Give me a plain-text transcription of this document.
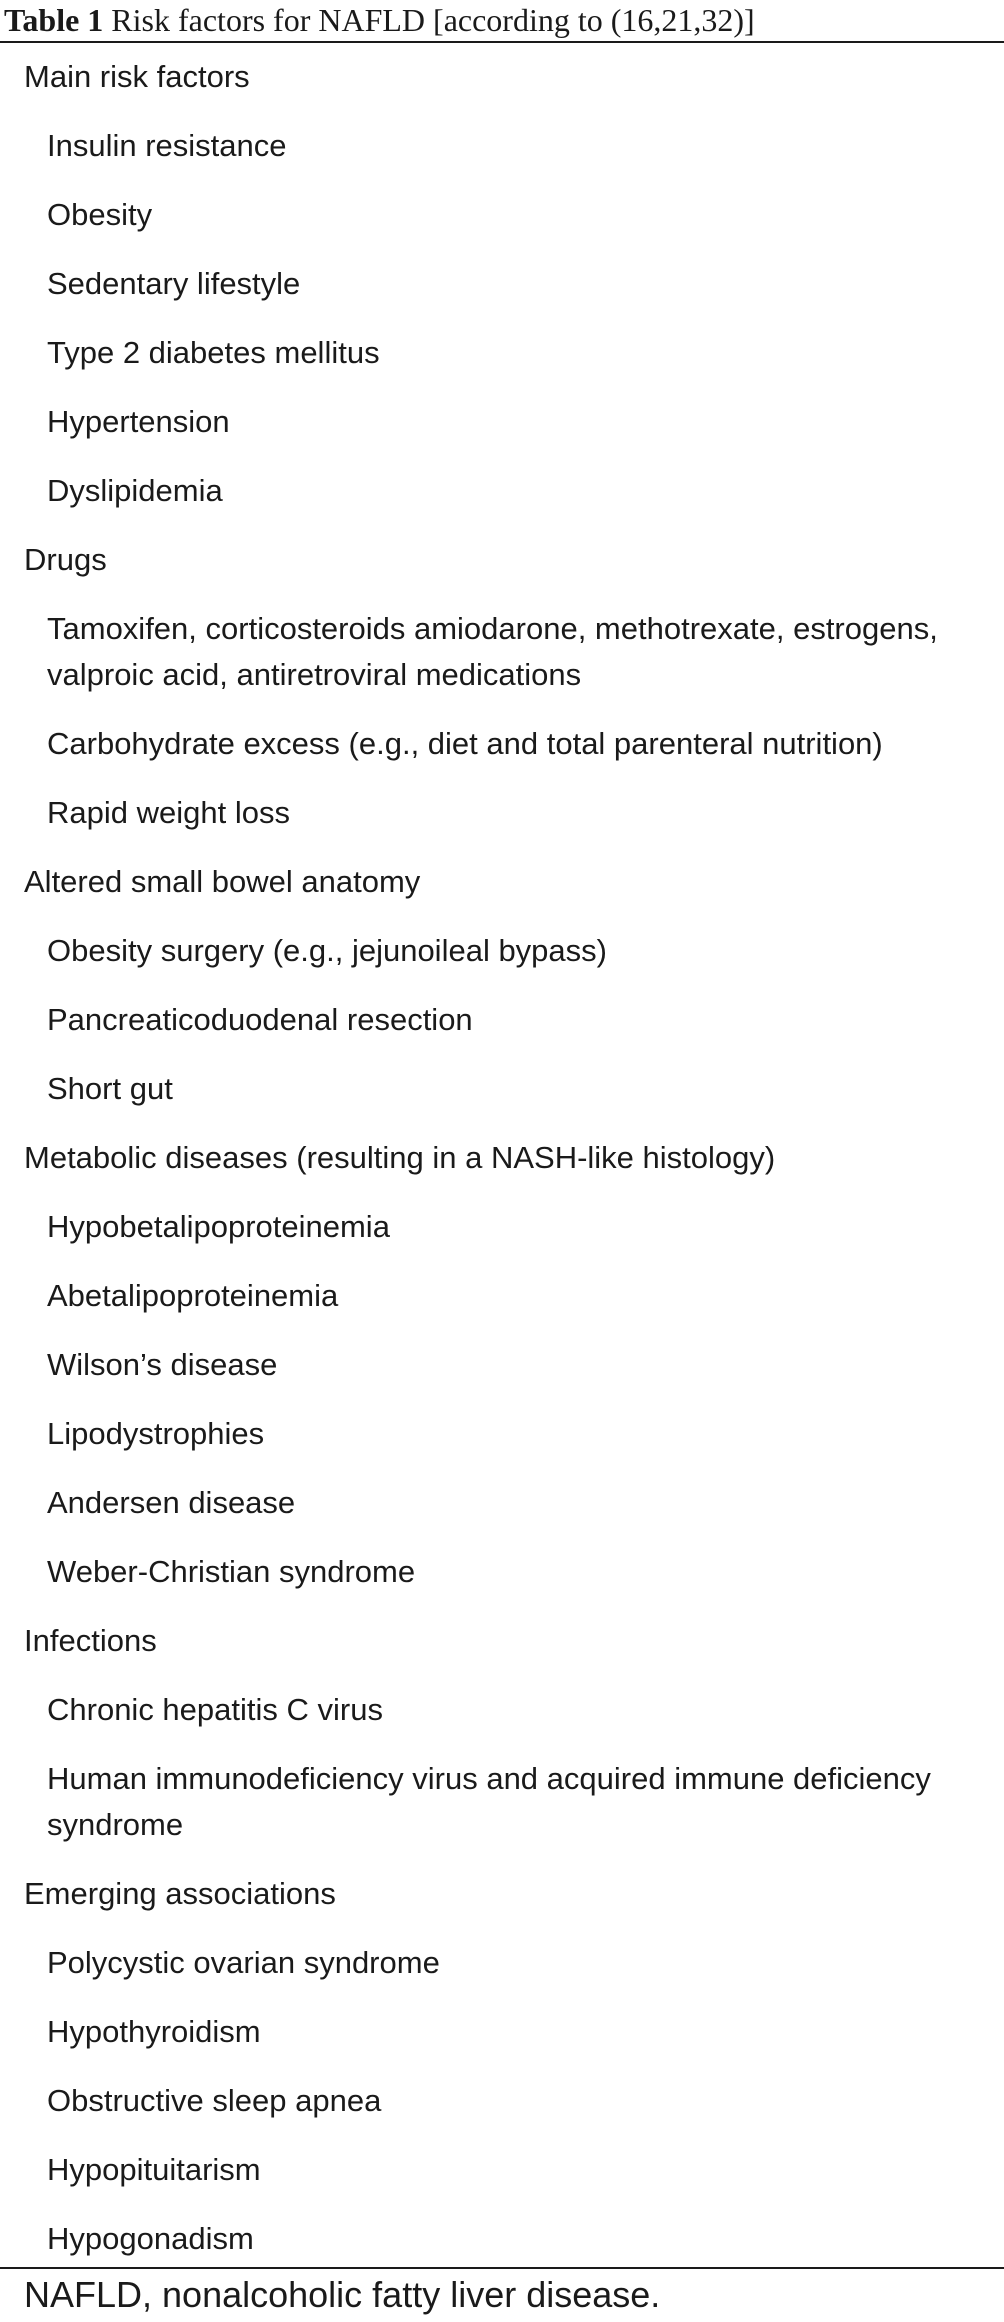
Table 1 Risk factors for NAFLD [according to (16,21,32)]
Main risk factors
Insulin resistance
Obesity
Sedentary lifestyle
Type 2 diabetes mellitus
Hypertension
Dyslipidemia
Drugs
Tamoxifen, corticosteroids amiodarone, methotrexate, estrogens, valproic acid, antiretroviral medications
Carbohydrate excess (e.g., diet and total parenteral nutrition)
Rapid weight loss
Altered small bowel anatomy
Obesity surgery (e.g., jejunoileal bypass)
Pancreaticoduodenal resection
Short gut
Metabolic diseases (resulting in a NASH-like histology)
Hypobetalipoproteinemia
Abetalipoproteinemia
Wilson’s disease
Lipodystrophies
Andersen disease
Weber-Christian syndrome
Infections
Chronic hepatitis C virus
Human immunodeficiency virus and acquired immune deficiency syndrome
Emerging associations
Polycystic ovarian syndrome
Hypothyroidism
Obstructive sleep apnea
Hypopituitarism
Hypogonadism
NAFLD, nonalcoholic fatty liver disease.
